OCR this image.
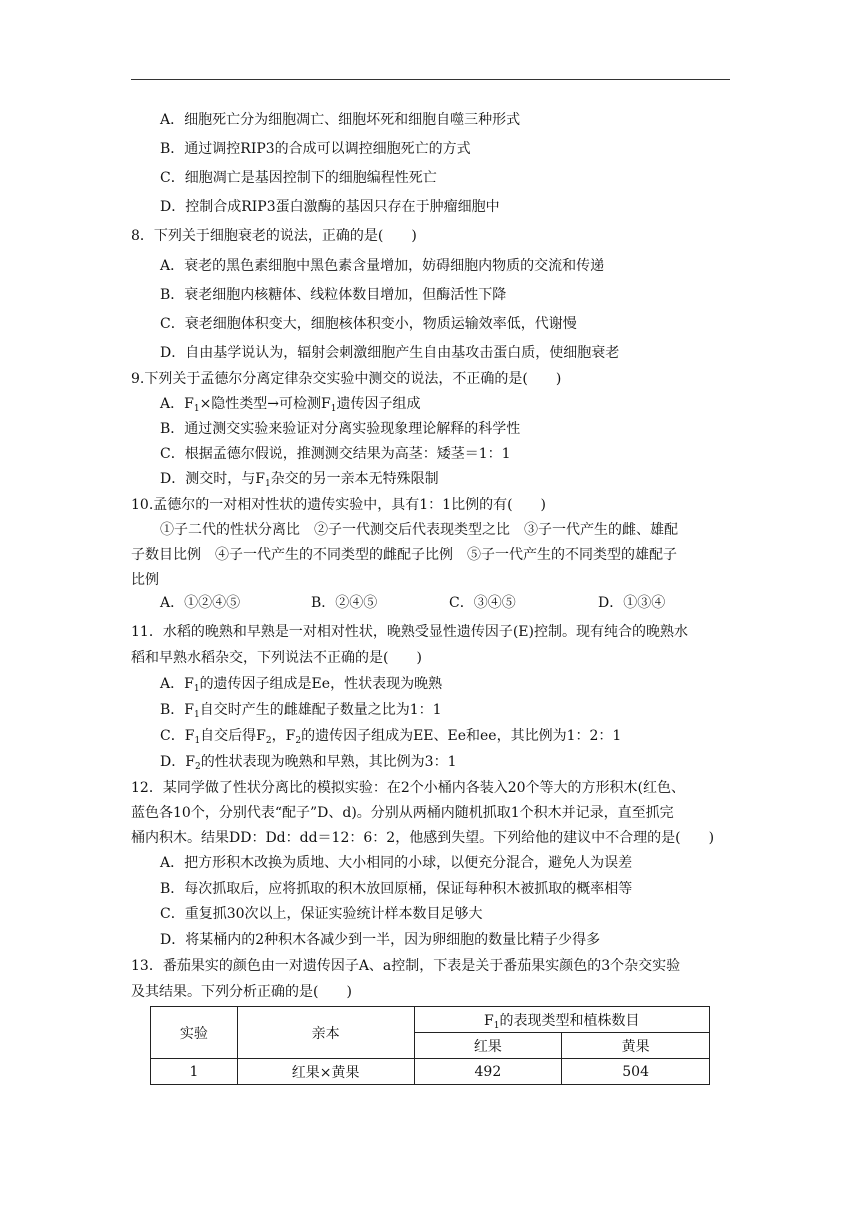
A．细胞死亡分为细胞凋亡、细胞坏死和细胞自噬三种形式
B．通过调控RIP3的合成可以调控细胞死亡的方式
C．细胞凋亡是基因控制下的细胞编程性死亡
D．控制合成RIP3蛋白激酶的基因只存在于肿瘤细胞中
8．下列关于细胞衰老的说法，正确的是(　　)
A．衰老的黑色素细胞中黑色素含量增加，妨碍细胞内物质的交流和传递
B．衰老细胞内核糖体、线粒体数目增加，但酶活性下降
C．衰老细胞体积变大，细胞核体积变小，物质运输效率低，代谢慢
D．自由基学说认为，辐射会刺激细胞产生自由基攻击蛋白质，使细胞衰老
9.下列关于孟德尔分离定律杂交实验中测交的说法，不正确的是(　　)
A．$F_1\times$隐性类型→可检测$F_1$遗传因子组成
B．通过测交实验来验证对分离实验现象理论解释的科学性
C．根据孟德尔假说，推测测交结果为高茎：矮茎＝1：1
D．测交时，与$F_1$杂交的另一亲本无特殊限制
10.孟德尔的一对相对性状的遗传实验中，具有1：1比例的有(　　)
①子二代的性状分离比　②子一代测交后代表现类型之比　③子一代产生的雌、雄配
子数目比例　④子一代产生的不同类型的雌配子比例　⑤子一代产生的不同类型的雄配子
比例
A．①②④⑤	B．②④⑤	C．③④⑤	D．①③④
11．水稻的晚熟和早熟是一对相对性状，晚熟受显性遗传因子(E)控制。现有纯合的晚熟水
稻和早熟水稻杂交，下列说法不正确的是(　　)
A．$F_1$的遗传因子组成是Ee，性状表现为晚熟
B．$F_1$自交时产生的雌雄配子数量之比为1：1
C．$F_1$自交后得$F_2$，$F_2$的遗传因子组成为EE、Ee和ee，其比例为1：2：1
D．$F_2$的性状表现为晚熟和早熟，其比例为3：1
12．某同学做了性状分离比的模拟实验：在2个小桶内各装入20个等大的方形积木(红色、
蓝色各10个，分别代表“配子”D、d)。分别从两桶内随机抓取1个积木并记录，直至抓完
桶内积木。结果DD：Dd：dd＝12：6：2，他感到失望。下列给他的建议中不合理的是(　　)
A．把方形积木改换为质地、大小相同的小球，以便充分混合，避免人为误差
B．每次抓取后，应将抓取的积木放回原桶，保证每种积木被抓取的概率相等
C．重复抓30次以上，保证实验统计样本数目足够大
D．将某桶内的2种积木各减少到一半，因为卵细胞的数量比精子少得多
13．番茄果实的颜色由一对遗传因子A、a控制，下表是关于番茄果实颜色的3个杂交实验
及其结果。下列分析正确的是(　　)
实验	亲本	$F_1$的表现类型和植株数目	
		红果	黄果
1	红果×黄果	492	504
